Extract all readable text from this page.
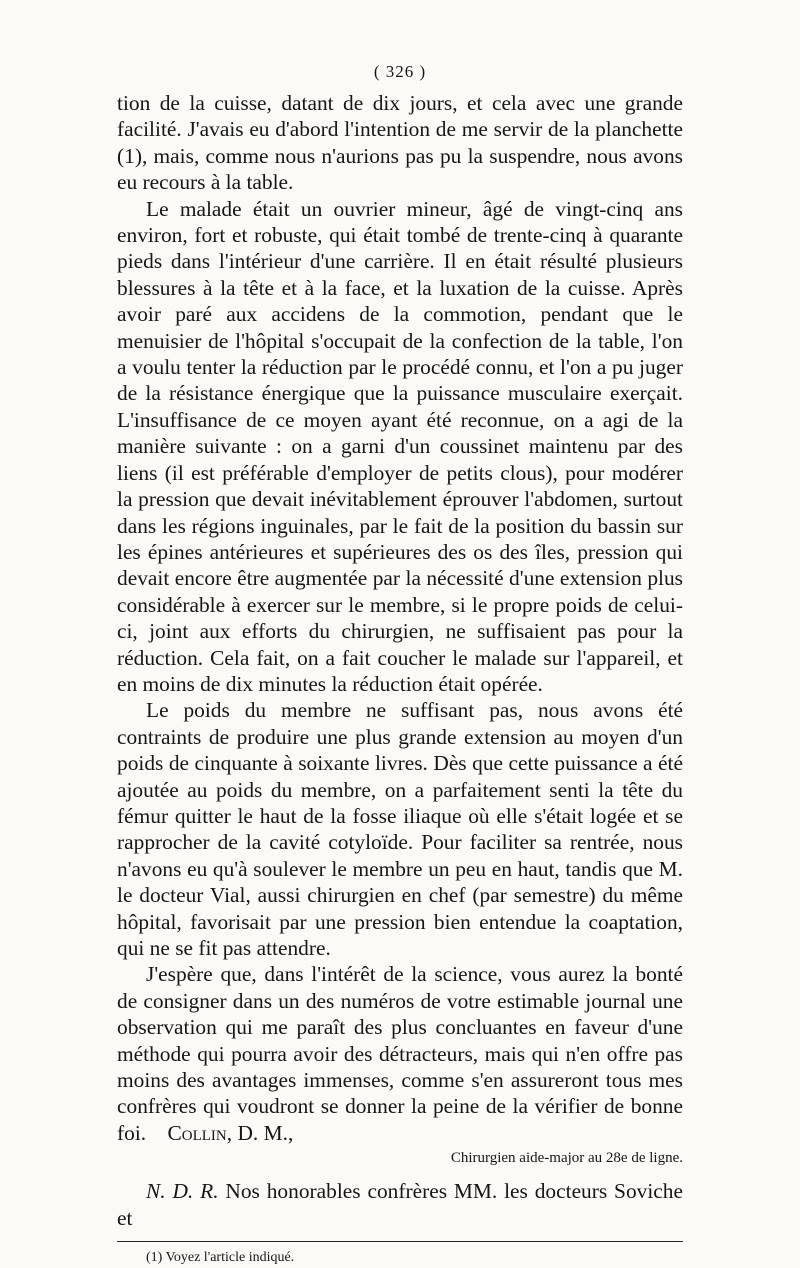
( 326 )

tion de la cuisse, datant de dix jours, et cela avec une grande facilité. J'avais eu d'abord l'intention de me servir de la planchette (1), mais, comme nous n'aurions pas pu la suspendre, nous avons eu recours à la table.

Le malade était un ouvrier mineur, âgé de vingt-cinq ans environ, fort et robuste, qui était tombé de trente-cinq à quarante pieds dans l'intérieur d'une carrière. Il en était résulté plusieurs blessures à la tête et à la face, et la luxation de la cuisse. Après avoir paré aux accidens de la commotion, pendant que le menuisier de l'hôpital s'occupait de la confection de la table, l'on a voulu tenter la réduction par le procédé connu, et l'on a pu juger de la résistance énergique que la puissance musculaire exerçait. L'insuffisance de ce moyen ayant été reconnue, on a agi de la manière suivante : on a garni d'un coussinet maintenu par des liens (il est préférable d'employer de petits clous), pour modérer la pression que devait inévitablement éprouver l'abdomen, surtout dans les régions inguinales, par le fait de la position du bassin sur les épines antérieures et supérieures des os des îles, pression qui devait encore être augmentée par la nécessité d'une extension plus considérable à exercer sur le membre, si le propre poids de celui-ci, joint aux efforts du chirurgien, ne suffisaient pas pour la réduction. Cela fait, on a fait coucher le malade sur l'appareil, et en moins de dix minutes la réduction était opérée.

Le poids du membre ne suffisant pas, nous avons été contraints de produire une plus grande extension au moyen d'un poids de cinquante à soixante livres. Dès que cette puissance a été ajoutée au poids du membre, on a parfaitement senti la tête du fémur quitter le haut de la fosse iliaque où elle s'était logée et se rapprocher de la cavité cotyloïde. Pour faciliter sa rentrée, nous n'avons eu qu'à soulever le membre un peu en haut, tandis que M. le docteur Vial, aussi chirurgien en chef (par semestre) du même hôpital, favorisait par une pression bien entendue la coaptation, qui ne se fit pas attendre.

J'espère que, dans l'intérêt de la science, vous aurez la bonté de consigner dans un des numéros de votre estimable journal une observation qui me paraît des plus concluantes en faveur d'une méthode qui pourra avoir des détracteurs, mais qui n'en offre pas moins des avantages immenses, comme s'en assureront tous mes confrères qui voudront se donner la peine de la vérifier de bonne foi. Collin, D. M.,

Chirurgien aide-major au 28e de ligne.

N. D. R. Nos honorables confrères MM. les docteurs Soviche et

(1) Voyez l'article indiqué.
